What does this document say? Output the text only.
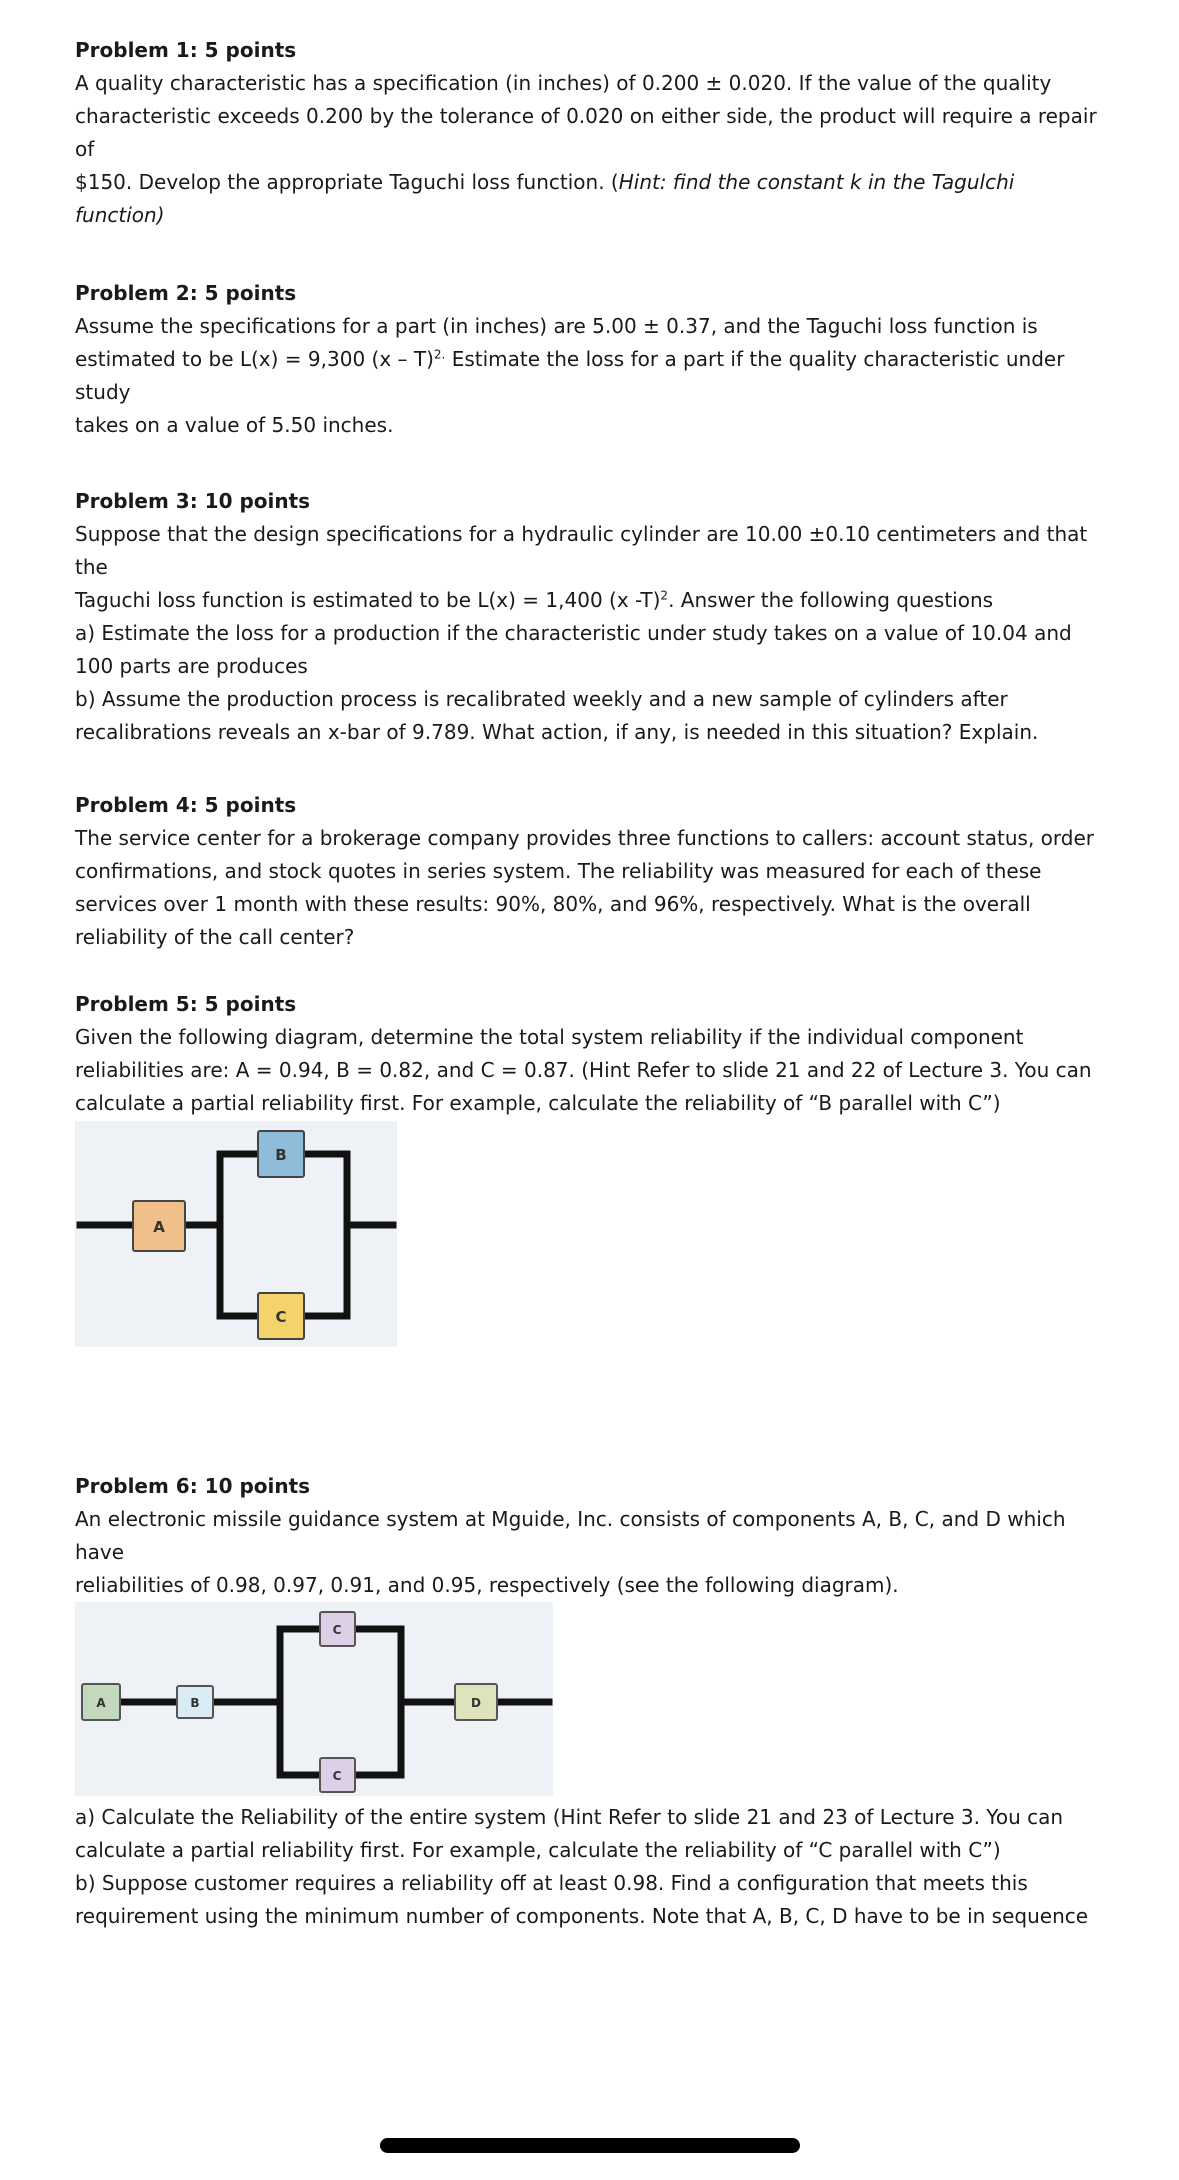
Problem 1: 5 points

A quality characteristic has a specification (in inches) of 0.200 ± 0.020. If the value of the quality

characteristic exceeds 0.200 by the tolerance of 0.020 on either side, the product will require a repair

of

$150. Develop the appropriate Taguchi loss function. (Hint: find the constant k in the Tagulchi

function)

Problem 2: 5 points

Assume the specifications for a part (in inches) are 5.00 ± 0.37, and the Taguchi loss function is

estimated to be L(x) = 9,300 (x – T)$^{2.}$ Estimate the loss for a part if the quality characteristic under

study

takes on a value of 5.50 inches.

Problem 3: 10 points

Suppose that the design specifications for a hydraulic cylinder are 10.00 ±0.10 centimeters and that

the

Taguchi loss function is estimated to be L(x) = 1,400 (x -T)$^2$. Answer the following questions

a) Estimate the loss for a production if the characteristic under study takes on a value of 10.04 and

100 parts are produces

b) Assume the production process is recalibrated weekly and a new sample of cylinders after

recalibrations reveals an x-bar of 9.789. What action, if any, is needed in this situation? Explain.

Problem 4: 5 points

The service center for a brokerage company provides three functions to callers: account status, order

confirmations, and stock quotes in series system. The reliability was measured for each of these

services over 1 month with these results: 90%, 80%, and 96%, respectively. What is the overall

reliability of the call center?

Problem 5: 5 points

Given the following diagram, determine the total system reliability if the individual component

reliabilities are: A = 0.94, B = 0.82, and C = 0.87. (Hint Refer to slide 21 and 22 of Lecture 3. You can

calculate a partial reliability first. For example, calculate the reliability of “B parallel with C”)

A
B
C

Problem 6: 10 points

An electronic missile guidance system at Mguide, Inc. consists of components A, B, C, and D which

have

reliabilities of 0.98, 0.97, 0.91, and 0.95, respectively (see the following diagram).

A	B
C
C
D

a) Calculate the Reliability of the entire system (Hint Refer to slide 21 and 23 of Lecture 3. You can

calculate a partial reliability first. For example, calculate the reliability of “C parallel with C”)

b) Suppose customer requires a reliability off at least 0.98. Find a configuration that meets this

requirement using the minimum number of components. Note that A, B, C, D have to be in sequence
